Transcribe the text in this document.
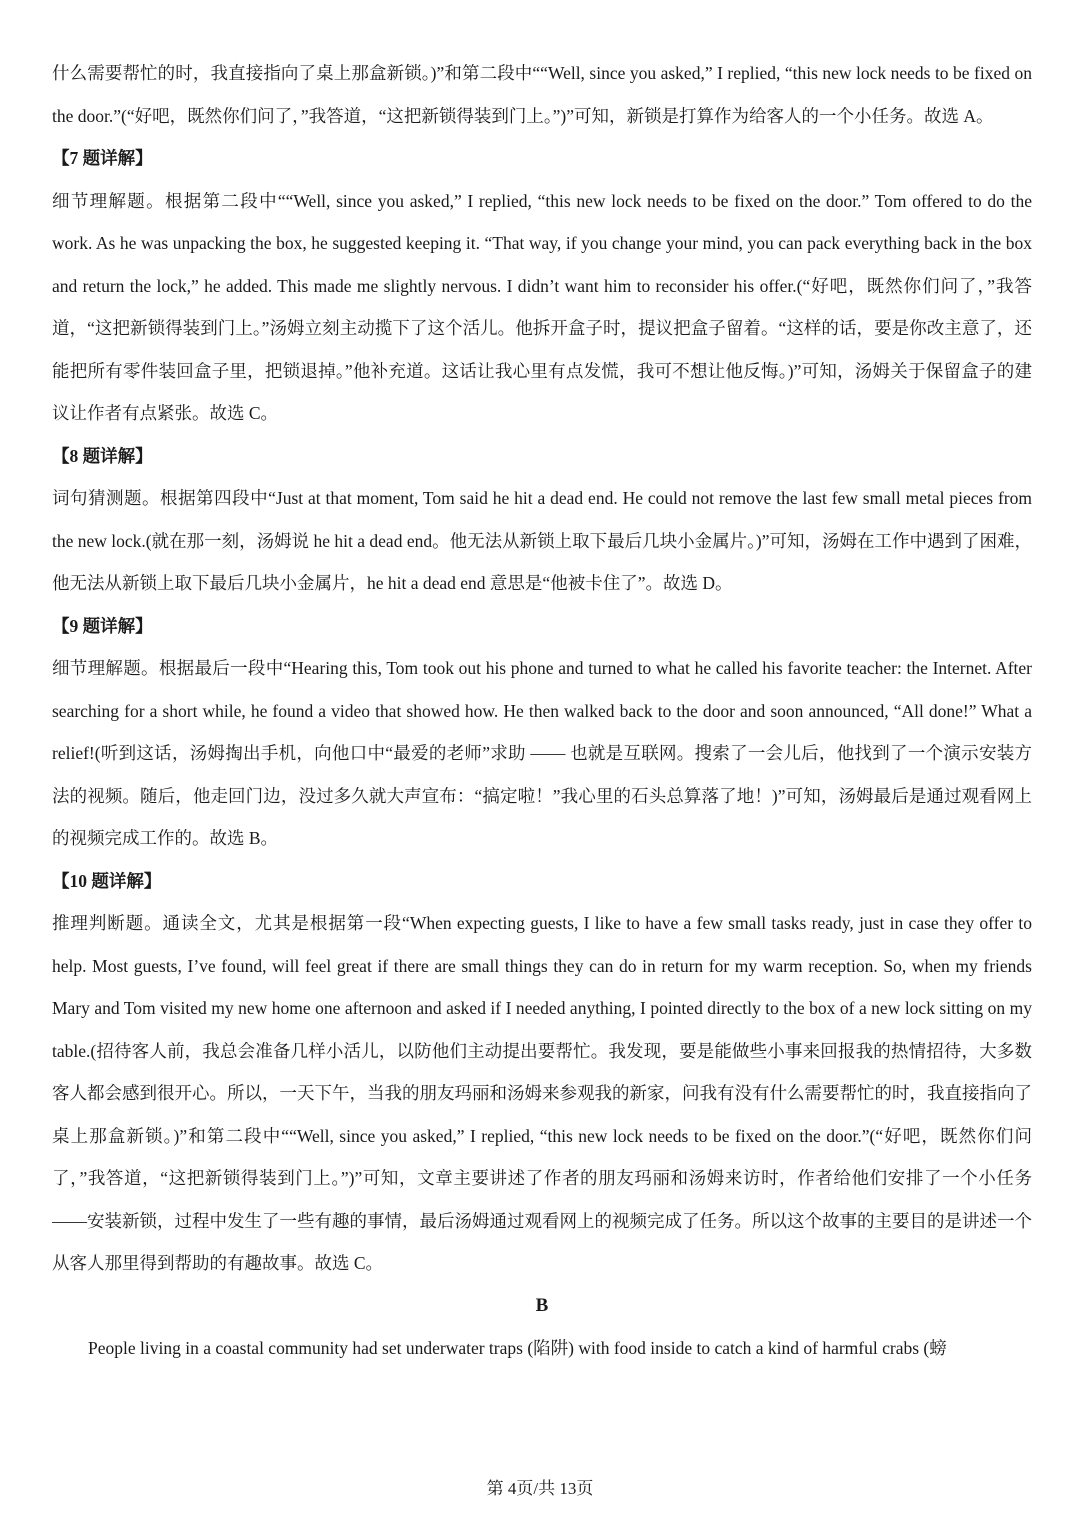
什么需要帮忙的时，我直接指向了桌上那盒新锁。)”和第二段中““Well, since you asked,” I replied, “this new lock needs to be fixed on the door.”(“好吧，既然你们问了，”我答道，“这把新锁得装到门上。”)”可知，新锁是打算作为给客人的一个小任务。故选 A。

【7 题详解】

细节理解题。根据第二段中““Well, since you asked,” I replied, “this new lock needs to be fixed on the door.” Tom offered to do the work. As he was unpacking the box, he suggested keeping it. “That way, if you change your mind, you can pack everything back in the box and return the lock,” he added. This made me slightly nervous. I didn’t want him to reconsider his offer.(“好吧，既然你们问了，”我答道，“这把新锁得装到门上。”汤姆立刻主动揽下了这个活儿。他拆开盒子时，提议把盒子留着。“这样的话，要是你改主意了，还能把所有零件装回盒子里，把锁退掉。”他补充道。这话让我心里有点发慌，我可不想让他反悔。)”可知，汤姆关于保留盒子的建议让作者有点紧张。故选 C。

【8 题详解】

词句猜测题。根据第四段中“Just at that moment, Tom said he hit a dead end. He could not remove the last few small metal pieces from the new lock.(就在那一刻，汤姆说 he hit a dead end。他无法从新锁上取下最后几块小金属片。)”可知，汤姆在工作中遇到了困难，他无法从新锁上取下最后几块小金属片，he hit a dead end 意思是“他被卡住了”。故选 D。

【9 题详解】

细节理解题。根据最后一段中“Hearing this, Tom took out his phone and turned to what he called his favorite teacher: the Internet. After searching for a short while, he found a video that showed how. He then walked back to the door and soon announced, “All done!” What a relief!(听到这话，汤姆掏出手机，向他口中“最爱的老师”求助 —— 也就是互联网。搜索了一会儿后，他找到了一个演示安装方法的视频。随后，他走回门边，没过多久就大声宣布：“搞定啦！”我心里的石头总算落了地！)”可知，汤姆最后是通过观看网上的视频完成工作的。故选 B。

【10 题详解】

推理判断题。通读全文，尤其是根据第一段“When expecting guests, I like to have a few small tasks ready, just in case they offer to help. Most guests, I’ve found, will feel great if there are small things they can do in return for my warm reception. So, when my friends Mary and Tom visited my new home one afternoon and asked if I needed anything, I pointed directly to the box of a new lock sitting on my table.(招待客人前，我总会准备几样小活儿，以防他们主动提出要帮忙。我发现，要是能做些小事来回报我的热情招待，大多数客人都会感到很开心。所以，一天下午，当我的朋友玛丽和汤姆来参观我的新家，问我有没有什么需要帮忙的时，我直接指向了桌上那盒新锁。)”和第二段中““Well, since you asked,” I replied, “this new lock needs to be fixed on the door.”(“好吧，既然你们问了，”我答道，“这把新锁得装到门上。”)”可知，文章主要讲述了作者的朋友玛丽和汤姆来访时，作者给他们安排了一个小任务——安装新锁，过程中发生了一些有趣的事情，最后汤姆通过观看网上的视频完成了任务。所以这个故事的主要目的是讲述一个从客人那里得到帮助的有趣故事。故选 C。

B

People living in a coastal community had set underwater traps (陷阱) with food inside to catch a kind of harmful crabs (螃

第 4页/共 13页
